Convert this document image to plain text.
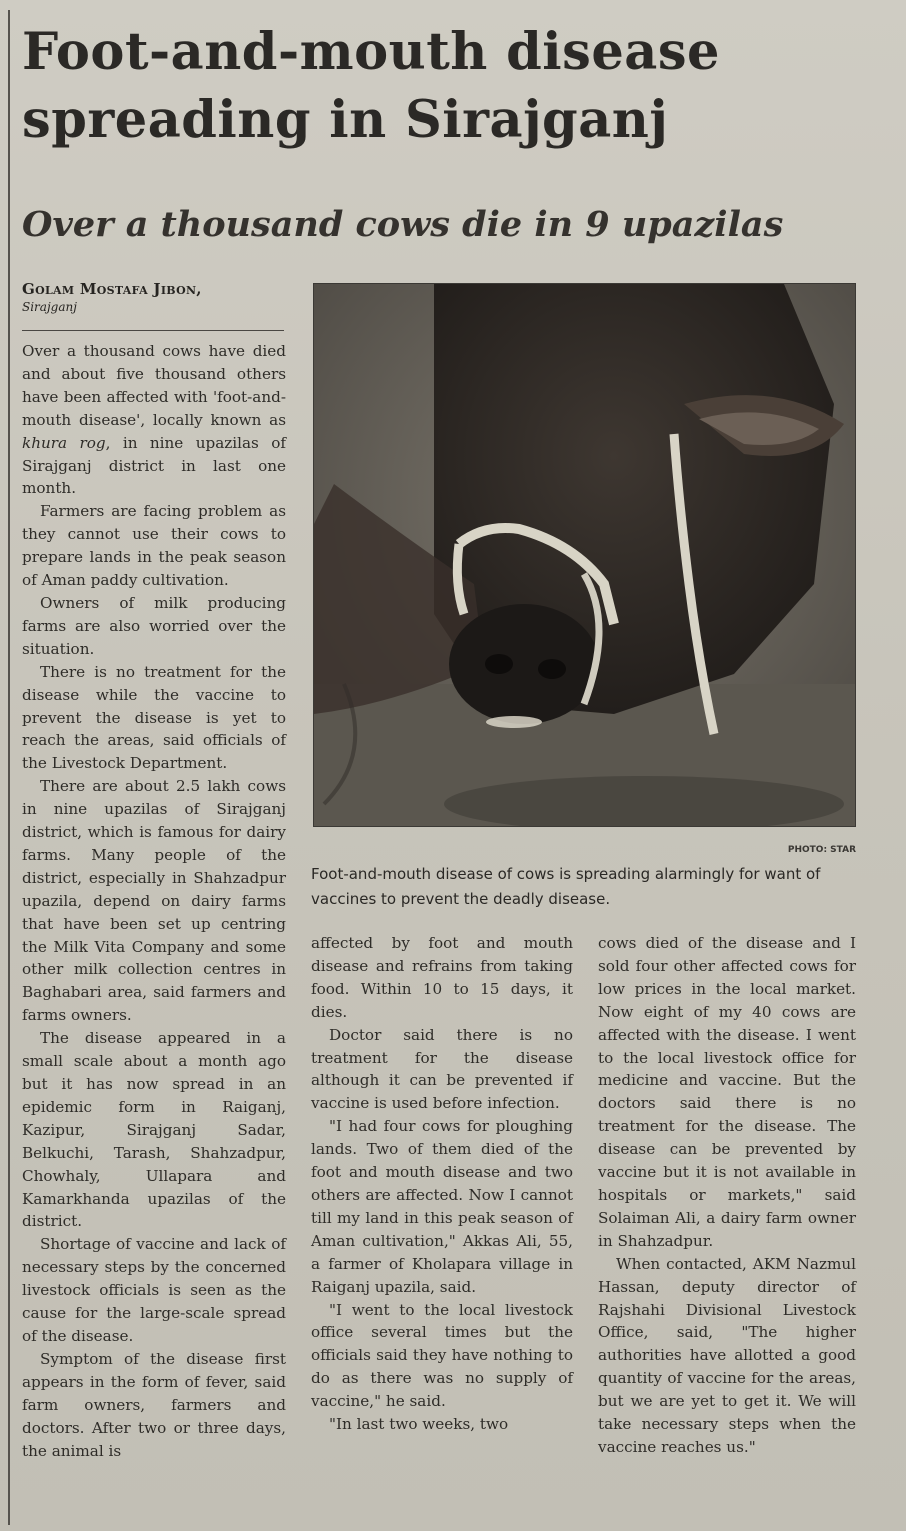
Foot-and-mouth disease
spreading in Sirajganj
Over a thousand cows die in 9 upazilas
Golam Mostafa Jibon,
Sirajganj

Over a thousand cows have died and about five thousand others have been affected with 'foot-and-mouth disease', locally known as khura rog, in nine upazilas of Sirajganj district in last one month.

Farmers are facing problem as they cannot use their cows to prepare lands in the peak season of Aman paddy cultivation.

Owners of milk producing farms are also worried over the situation.

There is no treatment for the disease while the vaccine to prevent the disease is yet to reach the areas, said officials of the Livestock Department.

There are about 2.5 lakh cows in nine upazilas of Sirajganj district, which is famous for dairy farms. Many people of the district, especially in Shahzadpur upazila, depend on dairy farms that have been set up centring the Milk Vita Company and some other milk collection centres in Baghabari area, said farmers and farms owners.

The disease appeared in a small scale about a month ago but it has now spread in an epidemic form in Raiganj, Kazipur, Sirajganj Sadar, Belkuchi, Tarash, Shahzadpur, Chowhaly, Ullapara and Kamarkhanda upazilas of the district.

Shortage of vaccine and lack of necessary steps by the concerned livestock officials is seen as the cause for the large-scale spread of the disease.

Symptom of the disease first appears in the form of fever, said farm owners, farmers and doctors. After two or three days, the animal is

PHOTO: STAR

Foot-and-mouth disease of cows is spreading alarmingly for want of vaccines to prevent the deadly disease.

affected by foot and mouth disease and refrains from taking food. Within 10 to 15 days, it dies.

Doctor said there is no treatment for the disease although it can be prevented if vaccine is used before infection.

"I had four cows for ploughing lands. Two of them died of the foot and mouth disease and two others are affected. Now I cannot till my land in this peak season of Aman cultivation," Akkas Ali, 55, a farmer of Kholapara village in Raiganj upazila, said.

"I went to the local livestock office several times but the officials said they have nothing to do as there was no supply of vaccine," he said.

"In last two weeks, two

cows died of the disease and I sold four other affected cows for low prices in the local market. Now eight of my 40 cows are affected with the disease. I went to the local livestock office for medicine and vaccine. But the doctors said there is no treatment for the disease. The disease can be prevented by vaccine but it is not available in hospitals or markets," said Solaiman Ali, a dairy farm owner in Shahzadpur.

When contacted, AKM Nazmul Hassan, deputy director of Rajshahi Divisional Livestock Office, said, "The higher authorities have allotted a good quantity of vaccine for the areas, but we are yet to get it. We will take necessary steps when the vaccine reaches us."
